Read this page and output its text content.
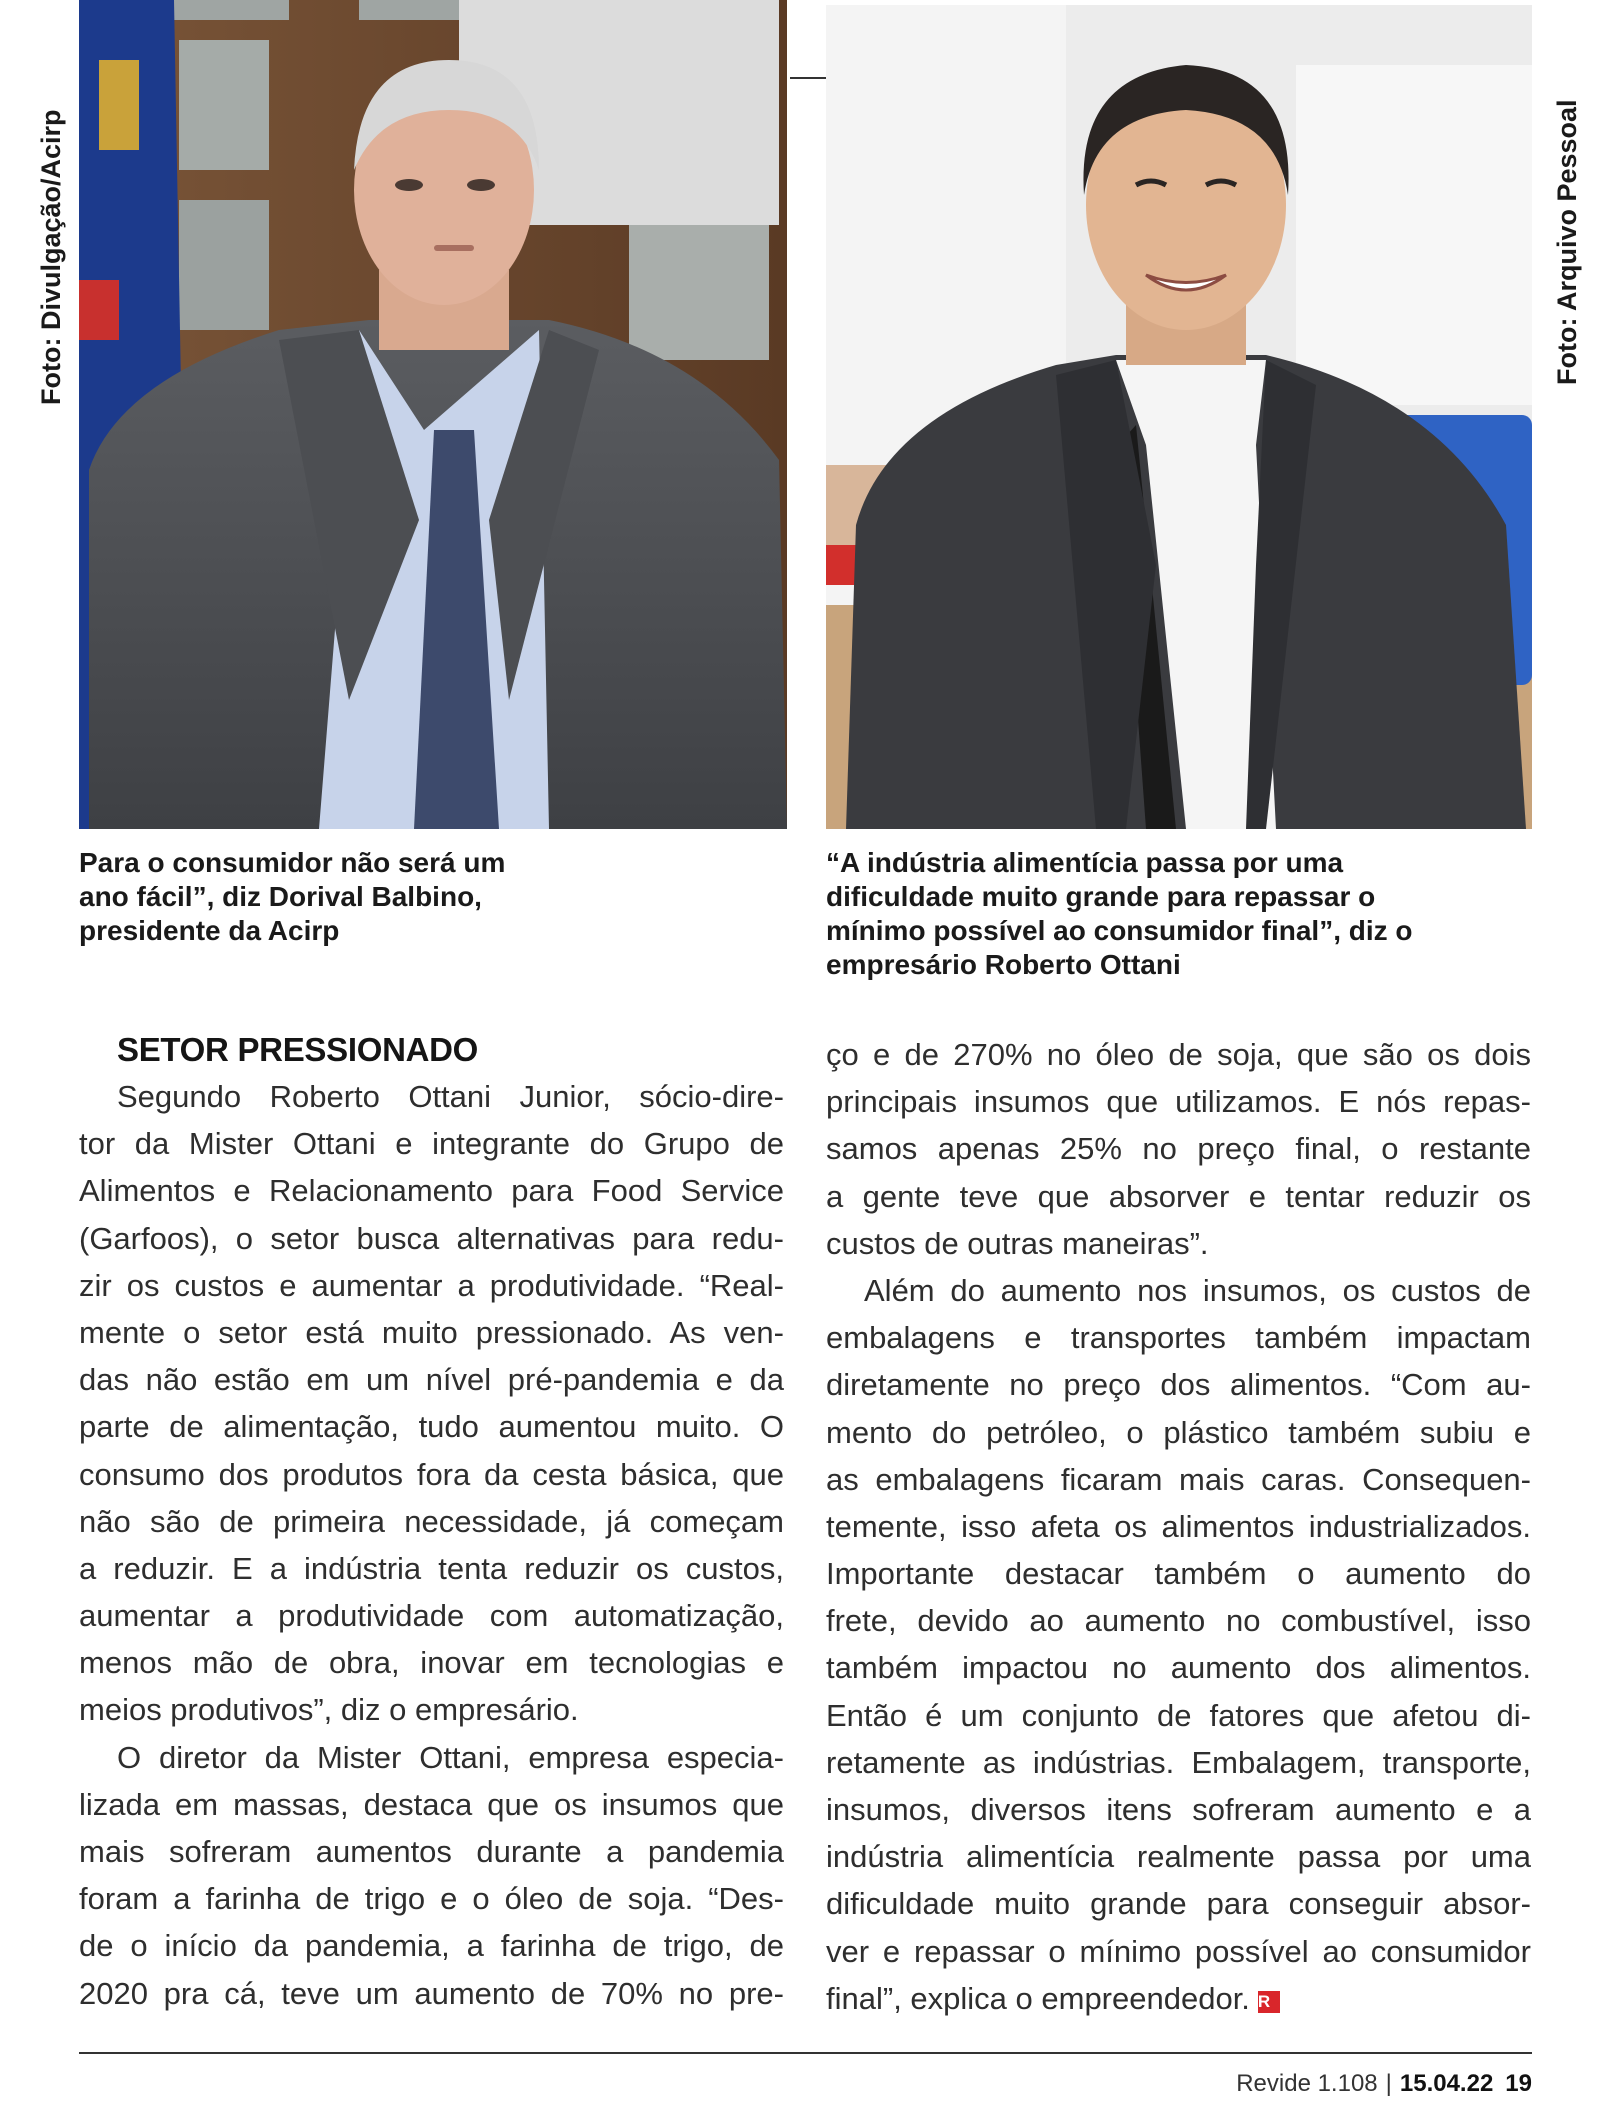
Foto: Divulgação/Acirp	Foto: Arquivo Pessoal
Para o consumidor não será um ano fácil”, diz Dorival Balbino, presidente da Acirp
“A indústria alimentícia passa por uma dificuldade muito grande para repassar o mínimo possível ao consumidor final”, diz o empresário Roberto Ottani
SETOR PRESSIONADO
Segundo Roberto Ottani Junior, sócio-dire-
tor da Mister Ottani e integrante do Grupo de
Alimentos e Relacionamento para Food Service
(Garfoos), o setor busca alternativas para redu-
zir os custos e aumentar a produtividade. “Real-
mente o setor está muito pressionado. As ven-
das não estão em um nível pré-pandemia e da
parte de alimentação, tudo aumentou muito. O
consumo dos produtos fora da cesta básica, que
não são de primeira necessidade, já começam
a reduzir. E a indústria tenta reduzir os custos,
aumentar a produtividade com automatização,
menos mão de obra, inovar em tecnologias e
meios produtivos”, diz o empresário.
O diretor da Mister Ottani, empresa especia-
lizada em massas, destaca que os insumos que
mais sofreram aumentos durante a pandemia
foram a farinha de trigo e o óleo de soja. “Des-
de o início da pandemia, a farinha de trigo, de
2020 pra cá, teve um aumento de 70% no pre-
ço e de 270% no óleo de soja, que são os dois
principais insumos que utilizamos. E nós repas-
samos apenas 25% no preço final, o restante
a gente teve que absorver e tentar reduzir os
custos de outras maneiras”.
Além do aumento nos insumos, os custos de
embalagens e transportes também impactam
diretamente no preço dos alimentos. “Com au-
mento do petróleo, o plástico também subiu e
as embalagens ficaram mais caras. Consequen-
temente, isso afeta os alimentos industrializados.
Importante destacar também o aumento do
frete, devido ao aumento no combustível, isso
também impactou no aumento dos alimentos.
Então é um conjunto de fatores que afetou di-
retamente as indústrias. Embalagem, transporte,
insumos, diversos itens sofreram aumento e a
indústria alimentícia realmente passa por uma
dificuldade muito grande para conseguir absor-
ver e repassar o mínimo possível ao consumidor
final”, explica o empreendedor. R
Revide 1.108 | 15.04.22 19
